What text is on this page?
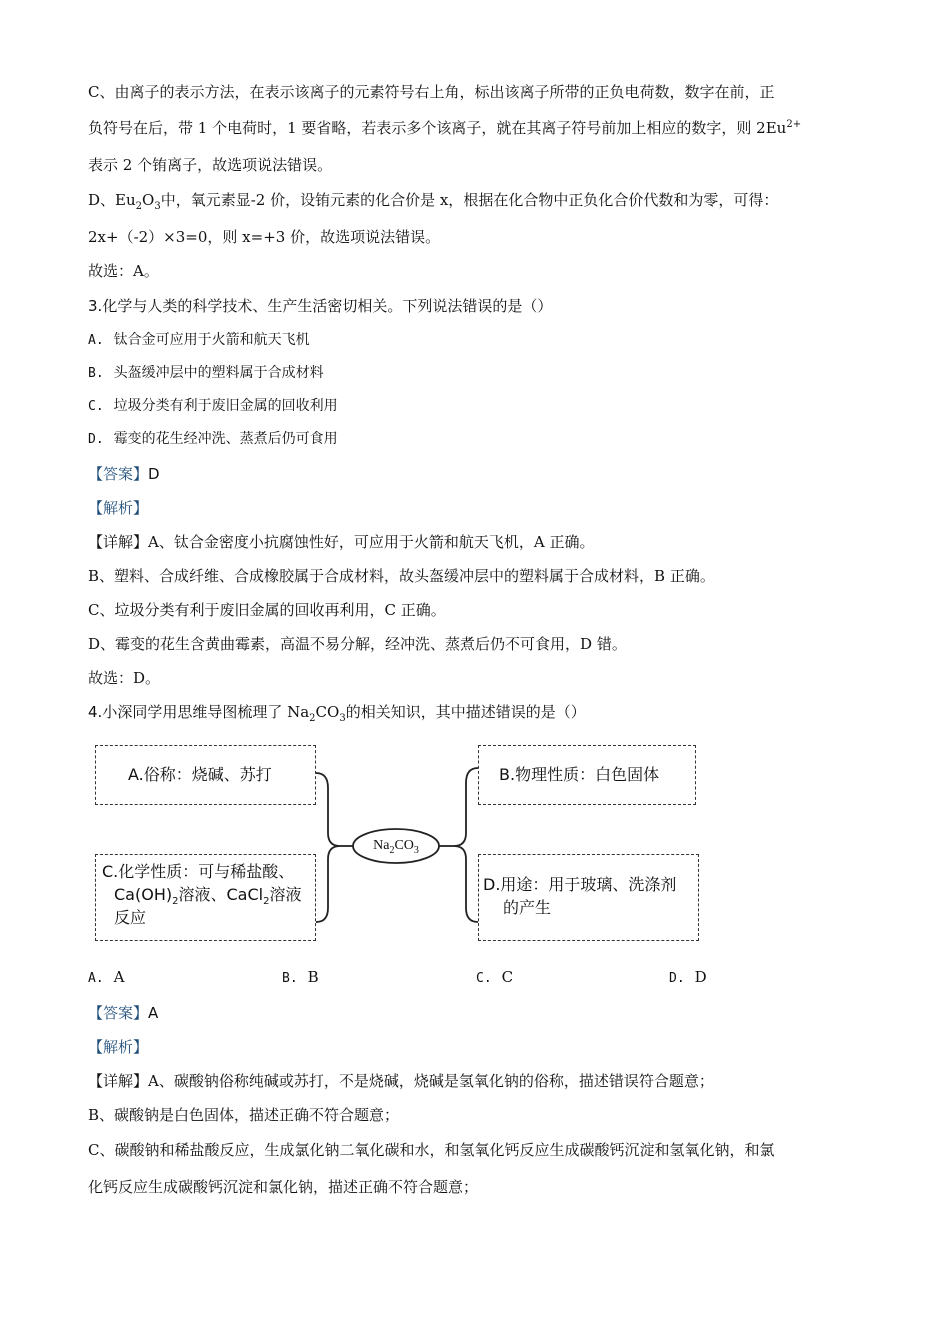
C、由离子的表示方法，在表示该离子的元素符号右上角，标出该离子所带的正负电荷数，数字在前，正
负符号在后，带 1 个电荷时，1 要省略，若表示多个该离子，就在其离子符号前加上相应的数字，则 $2Eu^{2+}$
表示 2 个铕离子，故选项说法错误。
D、$Eu_2O_3$中，氧元素显-2 价，设铕元素的化合价是 x，根据在化合物中正负化合价代数和为零，可得：
2x+（-2）×3=0，则 x=+3 价，故选项说法错误。
故选：A。
3.化学与人类的科学技术、生产生活密切相关。下列说法错误的是（）
A. 钛合金可应用于火箭和航天飞机
B. 头盔缓冲层中的塑料属于合成材料
C. 垃圾分类有利于废旧金属的回收利用
D. 霉变的花生经冲洗、蒸煮后仍可食用
【答案】D
【解析】
【详解】A、钛合金密度小抗腐蚀性好，可应用于火箭和航天飞机，A 正确。
B、塑料、合成纤维、合成橡胶属于合成材料，故头盔缓冲层中的塑料属于合成材料，B 正确。
C、垃圾分类有利于废旧金属的回收再利用，C 正确。
D、霉变的花生含黄曲霉素，高温不易分解，经冲洗、蒸煮后仍不可食用，D 错。
故选：D。
4.小深同学用思维导图梳理了 $Na_2CO_3$的相关知识，其中描述错误的是（）
$Na_2CO_3$
A.俗称：烧碱、苏打	B.物理性质：白色固体
C.化学性质：可与稀盐酸、
$Ca(OH)_2$溶液、CaCl$_2$溶液
反应
D.用途：用于玻璃、洗涤剂
的产生
A. A	B. B	C. C	D. D
【答案】A
【解析】
【详解】A、碳酸钠俗称纯碱或苏打，不是烧碱，烧碱是氢氧化钠的俗称，描述错误符合题意；
B、碳酸钠是白色固体，描述正确不符合题意；
C、碳酸钠和稀盐酸反应，生成氯化钠二氧化碳和水，和氢氧化钙反应生成碳酸钙沉淀和氢氧化钠，和氯
化钙反应生成碳酸钙沉淀和氯化钠，描述正确不符合题意；
